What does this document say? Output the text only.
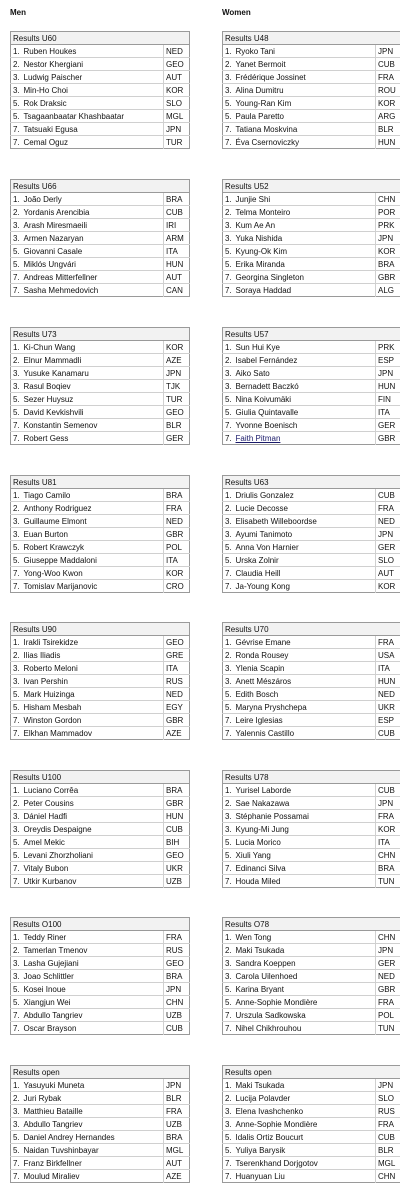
Men	Women
Results U60		
1.	Ruben Houkes	NED
2.	Nestor Khergiani	GEO
3.	Ludwig Paischer	AUT
3.	Min-Ho Choi	KOR
5.	Rok Draksic	SLO
5.	Tsagaanbaatar Khashbaatar	MGL
7.	Tatsuaki Egusa	JPN
7.	Cemal Oguz	TUR
Results U66		
1.	João Derly	BRA
2.	Yordanis Arencibia	CUB
3.	Arash Miresmaeili	IRI
3.	Armen Nazaryan	ARM
5.	Giovanni Casale	ITA
5.	Miklós Ungvári	HUN
7.	Andreas Mitterfellner	AUT
7.	Sasha Mehmedovich	CAN
Results U73		
1.	Ki-Chun Wang	KOR
2.	Elnur Mammadli	AZE
3.	Yusuke Kanamaru	JPN
3.	Rasul Boqiev	TJK
5.	Sezer Huysuz	TUR
5.	David Kevkishvili	GEO
7.	Konstantin Semenov	BLR
7.	Robert Gess	GER
Results U81		
1.	Tiago Camilo	BRA
2.	Anthony Rodriguez	FRA
3.	Guillaume Elmont	NED
3.	Euan Burton	GBR
5.	Robert Krawczyk	POL
5.	Giuseppe Maddaloni	ITA
7.	Yong-Woo Kwon	KOR
7.	Tomislav Marijanovic	CRO
Results U90		
1.	Irakli Tsirekidze	GEO
2.	Ilias Iliadis	GRE
3.	Roberto Meloni	ITA
3.	Ivan Pershin	RUS
5.	Mark Huizinga	NED
5.	Hisham Mesbah	EGY
7.	Winston Gordon	GBR
7.	Elkhan Mammadov	AZE
Results U100		
1.	Luciano Corrêa	BRA
2.	Peter Cousins	GBR
3.	Dániel Hadfi	HUN
3.	Oreydis Despaigne	CUB
5.	Amel Mekic	BIH
5.	Levani Zhorzholiani	GEO
7.	Vitaly Bubon	UKR
7.	Utkir Kurbanov	UZB
Results O100		
1.	Teddy Riner	FRA
2.	Tamerlan Tmenov	RUS
3.	Lasha Gujejiani	GEO
3.	Joao Schlittler	BRA
5.	Kosei Inoue	JPN
5.	Xiangjun Wei	CHN
7.	Abdullo Tangriev	UZB
7.	Oscar Brayson	CUB
Results open		
1.	Yasuyuki Muneta	JPN
2.	Juri Rybak	BLR
3.	Matthieu Bataille	FRA
3.	Abdullo Tangriev	UZB
5.	Daniel Andrey Hernandes	BRA
5.	Naidan Tuvshinbayar	MGL
7.	Franz Birkfellner	AUT
7.	Moulud Miraliev	AZE
Results U48		
1.	Ryoko Tani	JPN
2.	Yanet Bermoit	CUB
3.	Frédérique Jossinet	FRA
3.	Alina Dumitru	ROU
5.	Young-Ran Kim	KOR
5.	Paula Paretto	ARG
7.	Tatiana Moskvina	BLR
7.	Éva Csernoviczky	HUN
Results U52		
1.	Junjie Shi	CHN
2.	Telma Monteiro	POR
3.	Kum Ae An	PRK
3.	Yuka Nishida	JPN
5.	Kyung-Ok Kim	KOR
5.	Erika Miranda	BRA
7.	Georgina Singleton	GBR
7.	Soraya Haddad	ALG
Results U57		
1.	Sun Hui Kye	PRK
2.	Isabel Fernández	ESP
3.	Aiko Sato	JPN
3.	Bernadett Baczkó	HUN
5.	Nina Koivumäki	FIN
5.	Giulia Quintavalle	ITA
7.	Yvonne Boenisch	GER
7.	Faith Pitman	GBR
Results U63		
1.	Driulis Gonzalez	CUB
2.	Lucie Decosse	FRA
3.	Elisabeth Willeboordse	NED
3.	Ayumi Tanimoto	JPN
5.	Anna Von Harnier	GER
5.	Urska Zolnir	SLO
7.	Claudia Heill	AUT
7.	Ja-Young Kong	KOR
Results U70		
1.	Gévrise Emane	FRA
2.	Ronda Rousey	USA
3.	Ylenia Scapin	ITA
3.	Anett Mészáros	HUN
5.	Edith Bosch	NED
5.	Maryna Pryshchepa	UKR
7.	Leire Iglesias	ESP
7.	Yalennis Castillo	CUB
Results U78		
1.	Yurisel Laborde	CUB
2.	Sae Nakazawa	JPN
3.	Stéphanie Possamai	FRA
3.	Kyung-Mi Jung	KOR
5.	Lucia Morico	ITA
5.	Xiuli Yang	CHN
7.	Edinanci Silva	BRA
7.	Houda Miled	TUN
Results O78		
1.	Wen Tong	CHN
2.	Maki Tsukada	JPN
3.	Sandra Koeppen	GER
3.	Carola Uilenhoed	NED
5.	Karina Bryant	GBR
5.	Anne-Sophie Mondière	FRA
7.	Urszula Sadkowska	POL
7.	Nihel Chikhrouhou	TUN
Results open		
1.	Maki Tsukada	JPN
2.	Lucija Polavder	SLO
3.	Elena Ivashchenko	RUS
3.	Anne-Sophie Mondière	FRA
5.	Idalis Ortiz Boucurt	CUB
5.	Yuliya Barysik	BLR
7.	Tserenkhand Dorjgotov	MGL
7.	Huanyuan Liu	CHN
